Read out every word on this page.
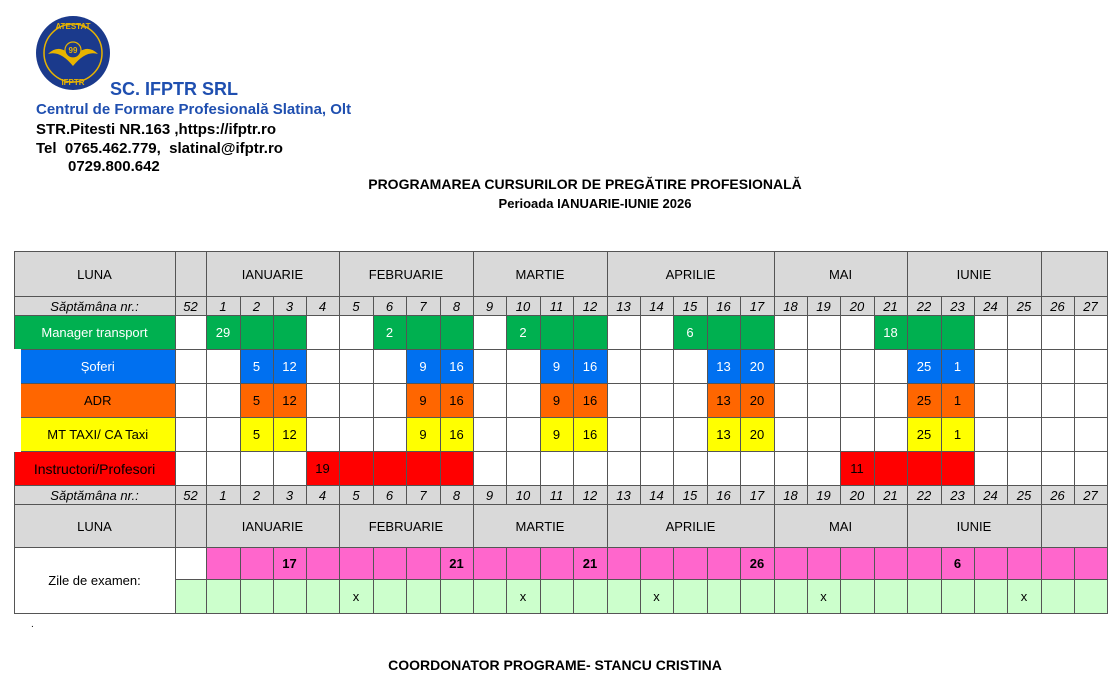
ATESTAT
99
IFPTR SC. IFPTR SRL
Centrul de Formare Profesională Slatina, Olt
STR.Pitesti NR.163 ,https://ifptr.ro
Tel  0765.462.779,  slatinal@ifptr.ro
0729.800.642
PROGRAMAREA CURSURILOR DE PREGĂTIRE PROFESIONALĂ
Perioada IANUARIE-IUNIE 2026
LUNA		IANUARIE				FEBRUARIE				MARTIE				APRILIE					MAI				IUNIE					
Săptămâna nr.:	52	1	2	3	4	5	6	7	8	9	10	11	12	13	14	15	16	17	18	19	20	21	22	23	24	25	26	27
Manager transport		29					2				2					6						18						
Șoferi			5	12				9	16			9	16				13	20					25	1				
ADR			5	12				9	16			9	16				13	20					25	1				
MT TAXI/ CA Taxi			5	12				9	16			9	16				13	20					25	1				
Instructori/Profesori					19																11							
Săptămâna nr.:	52	1	2	3	4	5	6	7	8	9	10	11	12	13	14	15	16	17	18	19	20	21	22	23	24	25	26	27
LUNA		IANUARIE				FEBRUARIE				MARTIE				APRILIE					MAI				IUNIE					
Zile de examen:				17					21				21					26						6				
						x					x				x					x						x		
.
COORDONATOR PROGRAME- STANCU CRISTINA
